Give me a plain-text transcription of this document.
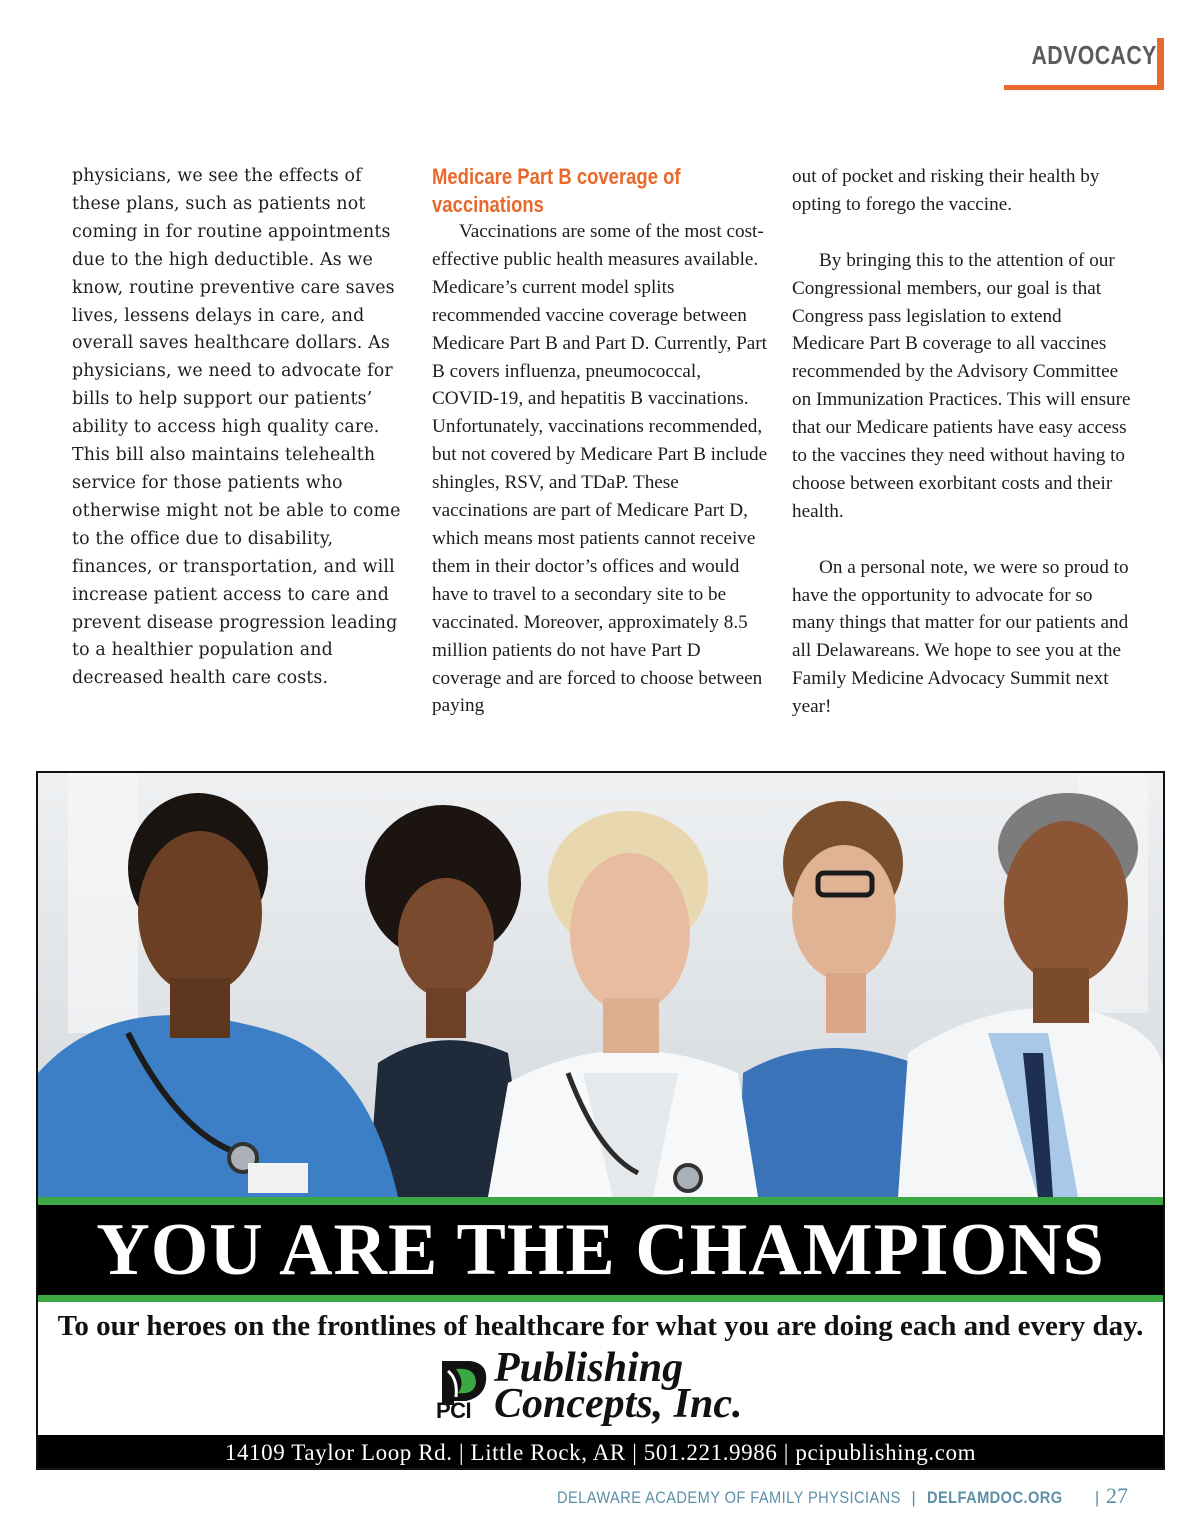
ADVOCACY

physicians, we see the effects of these plans, such as patients not coming in for routine appointments due to the high deductible. As we know, routine preventive care saves lives, lessens delays in care, and overall saves healthcare dollars. As physicians, we need to advocate for bills to help support our patients’ ability to access high quality care. This bill also maintains telehealth service for those patients who otherwise might not be able to come to the office due to disability, finances, or transportation, and will increase patient access to care and prevent disease progression leading to a healthier population and decreased health care costs.

Medicare Part B coverage of vaccinations

Vaccinations are some of the most cost-effective public health measures available. Medicare’s current model splits recommended vaccine coverage between Medicare Part B and Part D. Currently, Part B covers influenza, pneumococcal, COVID-19, and hepatitis B vaccinations. Unfortunately, vaccinations recommended, but not covered by Medicare Part B include shingles, RSV, and TDaP. These vaccinations are part of Medicare Part D, which means most patients cannot receive them in their doctor’s offices and would have to travel to a secondary site to be vaccinated. Moreover, approximately 8.5 million patients do not have Part D coverage and are forced to choose between paying

out of pocket and risking their health by opting to forego the vaccine.

By bringing this to the attention of our Congressional members, our goal is that Congress pass legislation to extend Medicare Part B coverage to all vaccines recommended by the Advisory Committee on Immunization Practices. This will ensure that our Medicare patients have easy access to the vaccines they need without having to choose between exorbitant costs and their health.

On a personal note, we were so proud to have the opportunity to advocate for so many things that matter for our patients and all Delawareans. We hope to see you at the Family Medicine Advocacy Summit next year!

YOU ARE THE CHAMPIONS
To our heroes on the frontlines of healthcare for what you are doing each and every day.
PCI
Publishing
Concepts, Inc.
14109 Taylor Loop Rd. | Little Rock, AR | 501.221.9986 | pcipublishing.com
DELAWARE ACADEMY OF FAMILY PHYSICIANS | DELFAMDOC.ORG | 27
